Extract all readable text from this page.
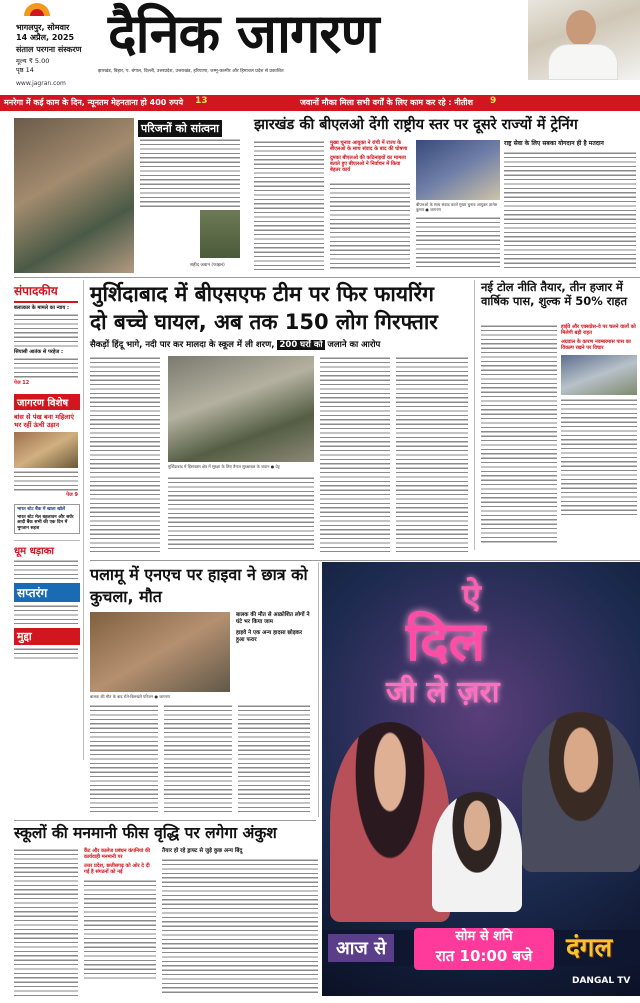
भागलपुर, सोमवार
14 अप्रैल, 2025
संताल परगना संस्करण
मूल्य ₹ 5.00
पृष्ठ 14
दैनिक जागरण
झारखंड, बिहार, प. बंगाल, दिल्ली, उत्तरप्रदेश, उत्तराखंड, हरियाणा, जम्मू-कश्मीर और हिमाचल प्रदेश से प्रकाशित
www.jagran.com
मनरेगा में कई काम के दिन, न्यूनतम मेहनताना हो 400 रुपये 13	जवानों मौका मिला सभी वर्गों के लिए काम कर रहे : नीतीश 9
परिजनों को सांत्वना
शहीद जवान (फाइल)
झारखंड की बीएलओ देंगी राष्ट्रीय स्तर पर दूसरे राज्यों में ट्रेनिंग
मुख्य चुनाव आयुक्त ने रांची में राज्य के बीएलओ के साथ संवाद के बाद की घोषणा
दुमका बीएलओ की कठिनाइयों का मामला बताते हुए बीएलओ ने निर्वाचन में किया बेहतर कार्य
बीएलओ के साथ संवाद करते मुख्य चुनाव आयुक्त ज्ञानेश कुमार ● जागरण
राष्ट्र सेवा के लिए सबका योगदान ही है मतदान
संपादकीय
बलात्कार के मामले का न्याय :
सियासी आतंक से परहेज :
पेज 12
जागरण विशेष
बांस से पंख बना महिलाएं भर रहीं ऊंची उड़ान
पेज 9
भारत स्टेट बैंक में खाता खोलें
भारत स्टेट मेल बहलावन और सर्वर आदी बैंक सभी की एक दिन में भुगतान सहज
धूम धड़ाका
सप्तरंग
मुद्दा
मुर्शिदाबाद में बीएसएफ टीम पर फिर फायरिंग
दो बच्चे घायल, अब तक 150 लोग गिरफ्तार
सैकड़ों हिंदू भागे, नदी पार कर मालदा के स्कूल में ली शरण, 200 घरों को जलाने का आरोप
मुर्शिदाबाद में हिंसाग्रस्त क्षेत्र में सुरक्षा के लिए तैनात सुरक्षाबल के जवान ● प्रेट्र
नई टोल नीति तैयार, तीन हजार में वार्षिक पास, शुल्क में 50% राहत
हाईवे और एक्सप्रेस-वे पर चलने वालों को मिलेगी बड़ी राहत
अग्रवाल के कारण नवम्बरमास पास का विकल्प रखने पर विचार
पलामू में एनएच पर हाइवा ने छात्र को कुचला, मौत
बालक की मौत के बाद रोते-बिलखते परिजन ● जागरण
बालक की मौत से आक्रोशित लोगों ने घंटे भर किया जाम
हाइवे ने एक अन्य हादसा छोड़कर हुआ फरार
ऐ
दिल
जी ले ज़रा
आज से
सोम से शनि
रात 10:00 बजे	दंगल
DANGAL TV
स्कूलों की मनमानी फीस वृद्धि पर लगेगा अंकुश
कैंट और कालेज प्रबंधन कंपनियां की कार्यवाही मनमानी पर
उत्तर प्रदेश, छत्तीसगढ़ को ओर दे दी गई है संगठनों को नई
तैयार हो रहे ड्राफ्ट से जुड़े कुछ अन्य बिंदु
